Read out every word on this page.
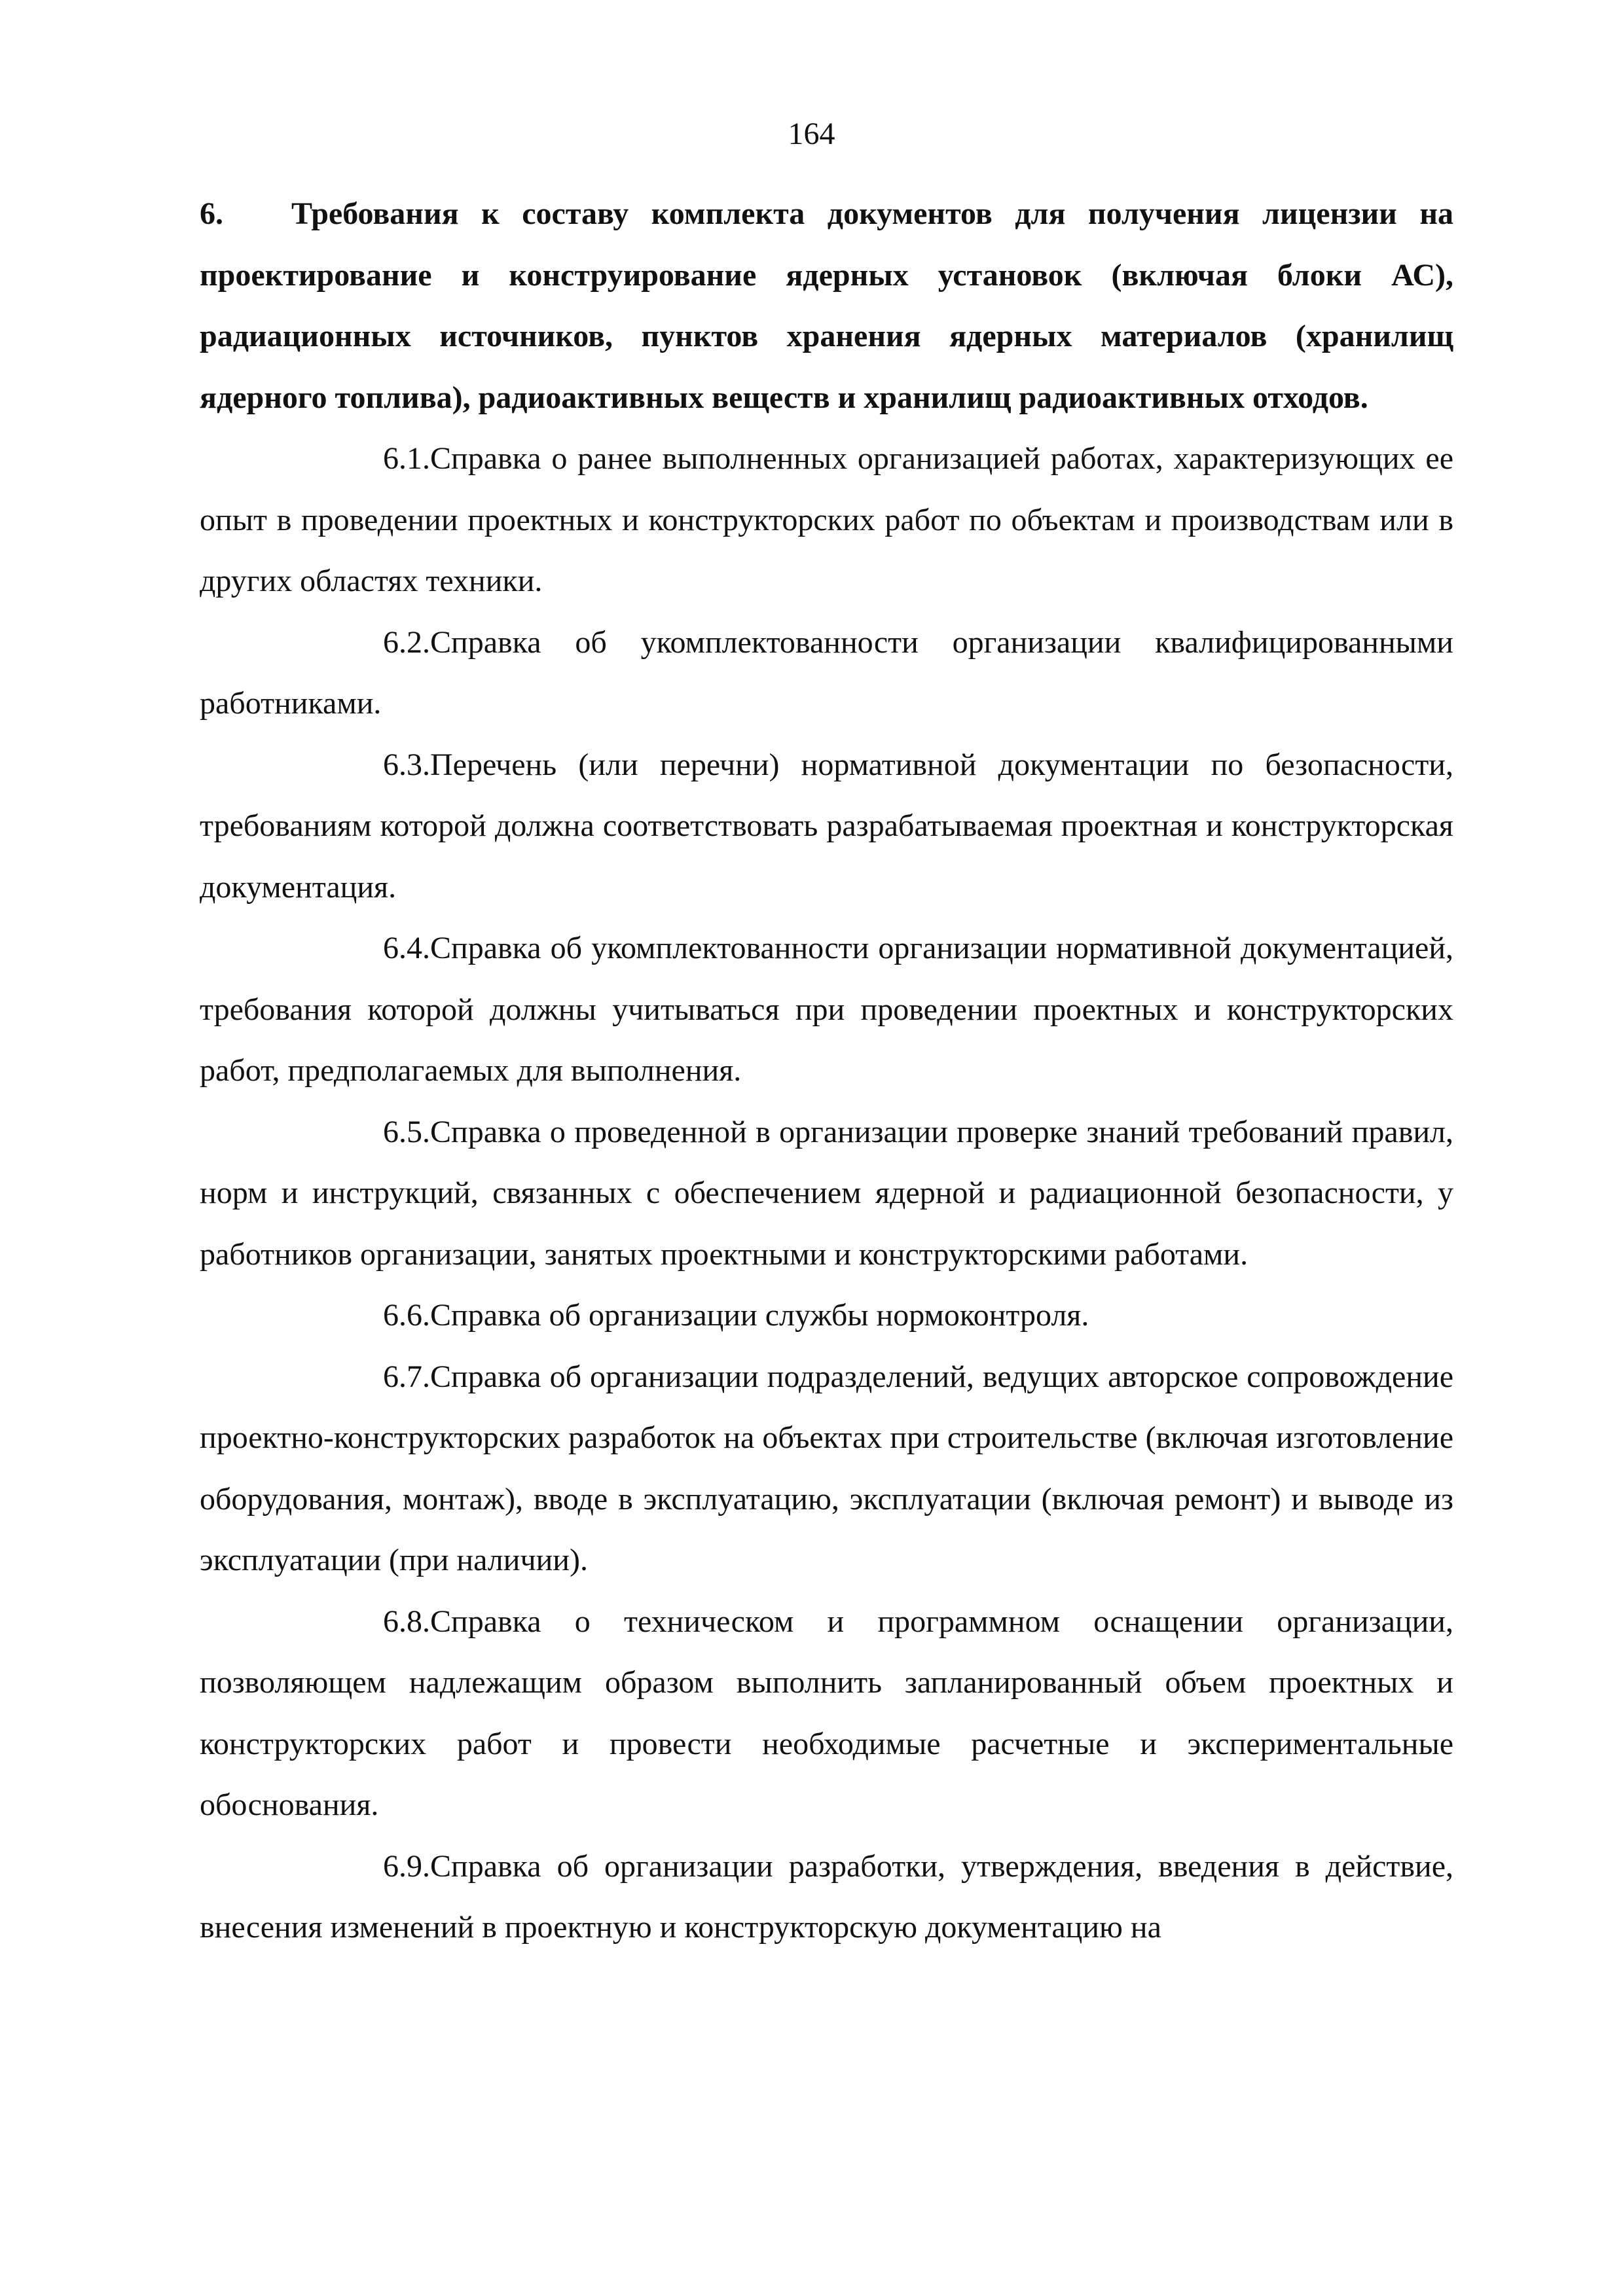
164

6. Требования к составу комплекта документов для получения лицензии на проектирование и конструирование ядерных установок (включая блоки АС), радиационных источников, пунктов хранения ядерных материалов (хранилищ ядерного топлива), радиоактивных веществ и хранилищ радиоактивных отходов.

6.1.Справка о ранее выполненных организацией работах, характеризующих ее опыт в проведении проектных и конструкторских работ по объектам и производствам или в других областях техники.

6.2.Справка об укомплектованности организации квалифицированными работниками.

6.3.Перечень (или перечни) нормативной документации по безопасности, требованиям которой должна соответствовать разрабатываемая проектная и конструкторская документация.

6.4.Справка об укомплектованности организации нормативной документацией, требования которой должны учитываться при проведении проектных и конструкторских работ, предполагаемых для выполнения.

6.5.Справка о проведенной в организации проверке знаний требований правил, норм и инструкций, связанных с обеспечением ядерной и радиационной безопасности, у работников организации, занятых проектными и конструкторскими работами.

6.6.Справка об организации службы нормоконтроля.

6.7.Справка об организации подразделений, ведущих авторское сопровождение проектно-конструкторских разработок на объектах при строительстве (включая изготовление оборудования, монтаж), вводе в эксплуатацию, эксплуатации (включая ремонт) и выводе из эксплуатации (при наличии).

6.8.Справка о техническом и программном оснащении организации, позволяющем надлежащим образом выполнить запланированный объем проектных и конструкторских работ и провести необходимые расчетные и экспериментальные обоснования.

6.9.Справка об организации разработки, утверждения, введения в действие, внесения изменений в проектную и конструкторскую документацию на
